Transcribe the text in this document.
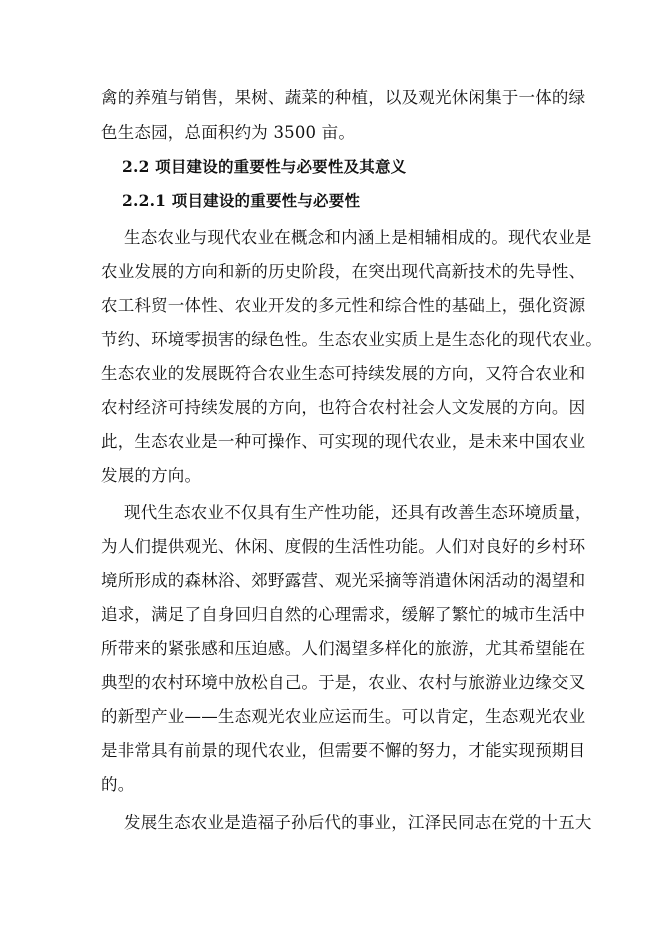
禽的养殖与销售，果树、蔬菜的种植，以及观光休闲集于一体的绿
色生态园，总面积约为 3500 亩。
2.2 项目建设的重要性与必要性及其意义
2.2.1 项目建设的重要性与必要性
生态农业与现代农业在概念和内涵上是相辅相成的。现代农业是
农业发展的方向和新的历史阶段，在突出现代高新技术的先导性、
农工科贸一体性、农业开发的多元性和综合性的基础上，强化资源
节约、环境零损害的绿色性。生态农业实质上是生态化的现代农业。
生态农业的发展既符合农业生态可持续发展的方向，又符合农业和
农村经济可持续发展的方向，也符合农村社会人文发展的方向。因
此，生态农业是一种可操作、可实现的现代农业，是未来中国农业
发展的方向。
现代生态农业不仅具有生产性功能，还具有改善生态环境质量，
为人们提供观光、休闲、度假的生活性功能。人们对良好的乡村环
境所形成的森林浴、郊野露营、观光采摘等消遣休闲活动的渴望和
追求，满足了自身回归自然的心理需求，缓解了繁忙的城市生活中
所带来的紧张感和压迫感。人们渴望多样化的旅游，尤其希望能在
典型的农村环境中放松自己。于是，农业、农村与旅游业边缘交叉
的新型产业——生态观光农业应运而生。可以肯定，生态观光农业
是非常具有前景的现代农业，但需要不懈的努力，才能实现预期目
的。
发展生态农业是造福子孙后代的事业，江泽民同志在党的十五大
